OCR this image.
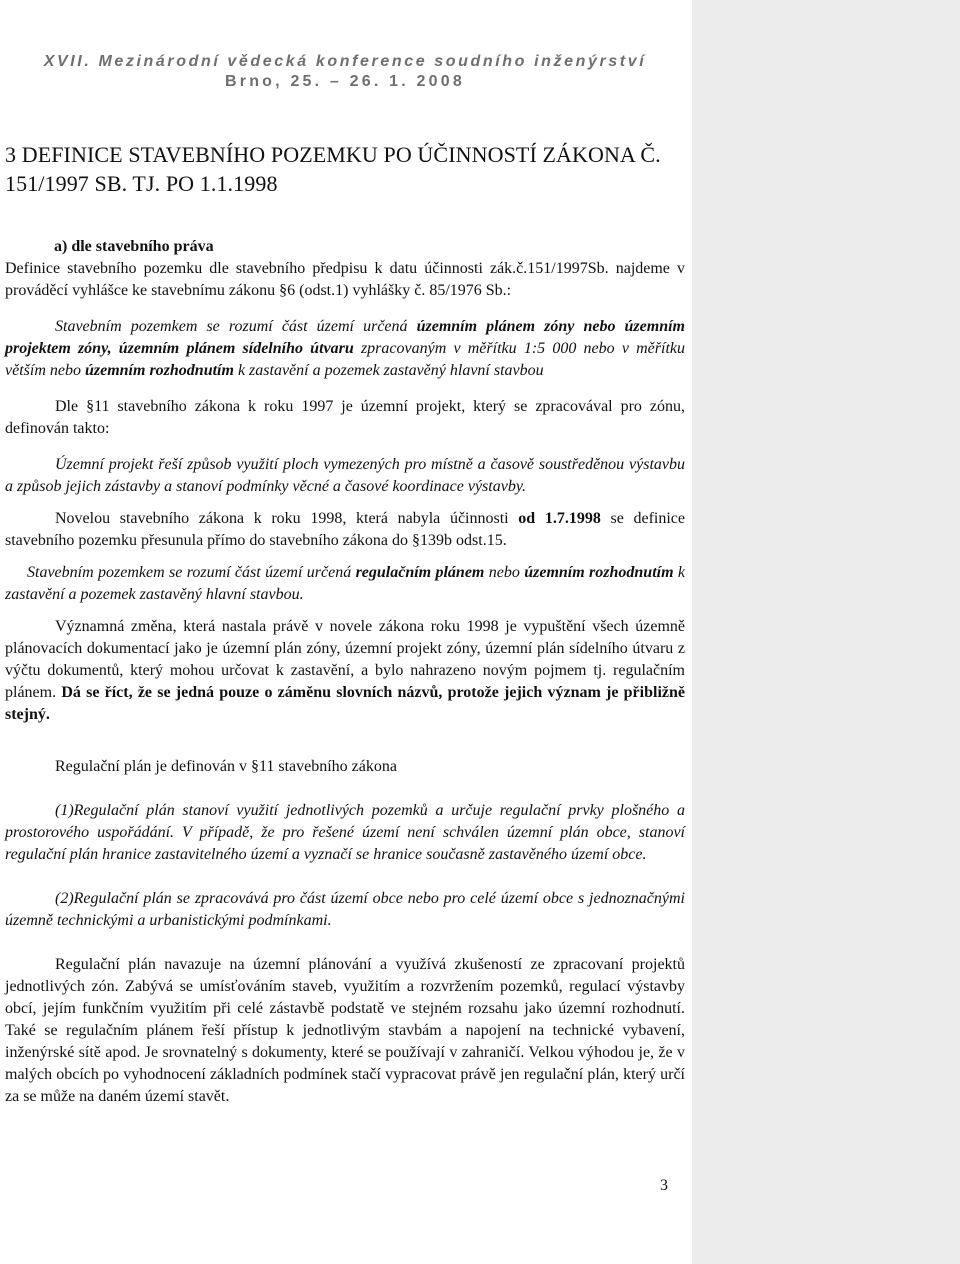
XVII. Mezinárodní vědecká konference soudního inženýrství
Brno, 25. – 26. 1. 2008
3 DEFINICE STAVEBNÍHO POZEMKU PO ÚČINNOSTÍ ZÁKONA Č. 151/1997 SB. TJ. PO 1.1.1998

a) dle stavebního práva

Definice stavebního pozemku dle stavebního předpisu k datu účinnosti zák.č.151/1997Sb. najdeme v prováděcí vyhlášce ke stavebnímu zákonu §6 (odst.1) vyhlášky č. 85/1976 Sb.:

Stavebním pozemkem se rozumí část území určená územním plánem zóny nebo územním projektem zóny, územním plánem sídelního útvaru zpracovaným v měřítku 1:5 000 nebo v měřítku větším nebo územním rozhodnutím k zastavění a pozemek zastavěný hlavní stavbou

Dle §11 stavebního zákona k roku 1997 je územní projekt, který se zpracovával pro zónu, definován takto:

Územní projekt řeší způsob využití ploch vymezených pro místně a časově soustředěnou výstavbu a způsob jejich zástavby a stanoví podmínky věcné a časové koordinace výstavby.

Novelou stavebního zákona k roku 1998, která nabyla účinnosti od 1.7.1998 se definice stavebního pozemku přesunula přímo do stavebního zákona do §139b odst.15.

Stavebním pozemkem se rozumí část území určená regulačním plánem nebo územním rozhodnutím k zastavění a pozemek zastavěný hlavní stavbou.

Významná změna, která nastala právě v novele zákona roku 1998 je vypuštění všech územně plánovacích dokumentací jako je územní plán zóny, územní projekt zóny, územní plán sídelního útvaru z výčtu dokumentů, který mohou určovat k zastavění, a bylo nahrazeno novým pojmem tj. regulačním plánem. Dá se říct, že se jedná pouze o záměnu slovních názvů, protože jejich význam je přibližně stejný.

Regulační plán je definován v §11 stavebního zákona

(1)Regulační plán stanoví využití jednotlivých pozemků a určuje regulační prvky plošného a prostorového uspořádání. V případě, že pro řešené území není schválen územní plán obce, stanoví regulační plán hranice zastavitelného území a vyznačí se hranice současně zastavěného území obce.

(2)Regulační plán se zpracovává pro část území obce nebo pro celé území obce s jednoznačnými územně technickými a urbanistickými podmínkami.

Regulační plán navazuje na územní plánování a využívá zkušeností ze zpracovaní projektů jednotlivých zón. Zabývá se umísťováním staveb, využitím a rozvržením pozemků, regulací výstavby obcí, jejím funkčním využitím při celé zástavbě podstatě ve stejném rozsahu jako územní rozhodnutí. Také se regulačním plánem řeší přístup k jednotlivým stavbám a napojení na technické vybavení, inženýrské sítě apod. Je srovnatelný s dokumenty, které se používají v zahraničí. Velkou výhodou je, že v malých obcích po vyhodnocení základních podmínek stačí vypracovat právě jen regulační plán, který určí za se může na daném území stavět.

3
